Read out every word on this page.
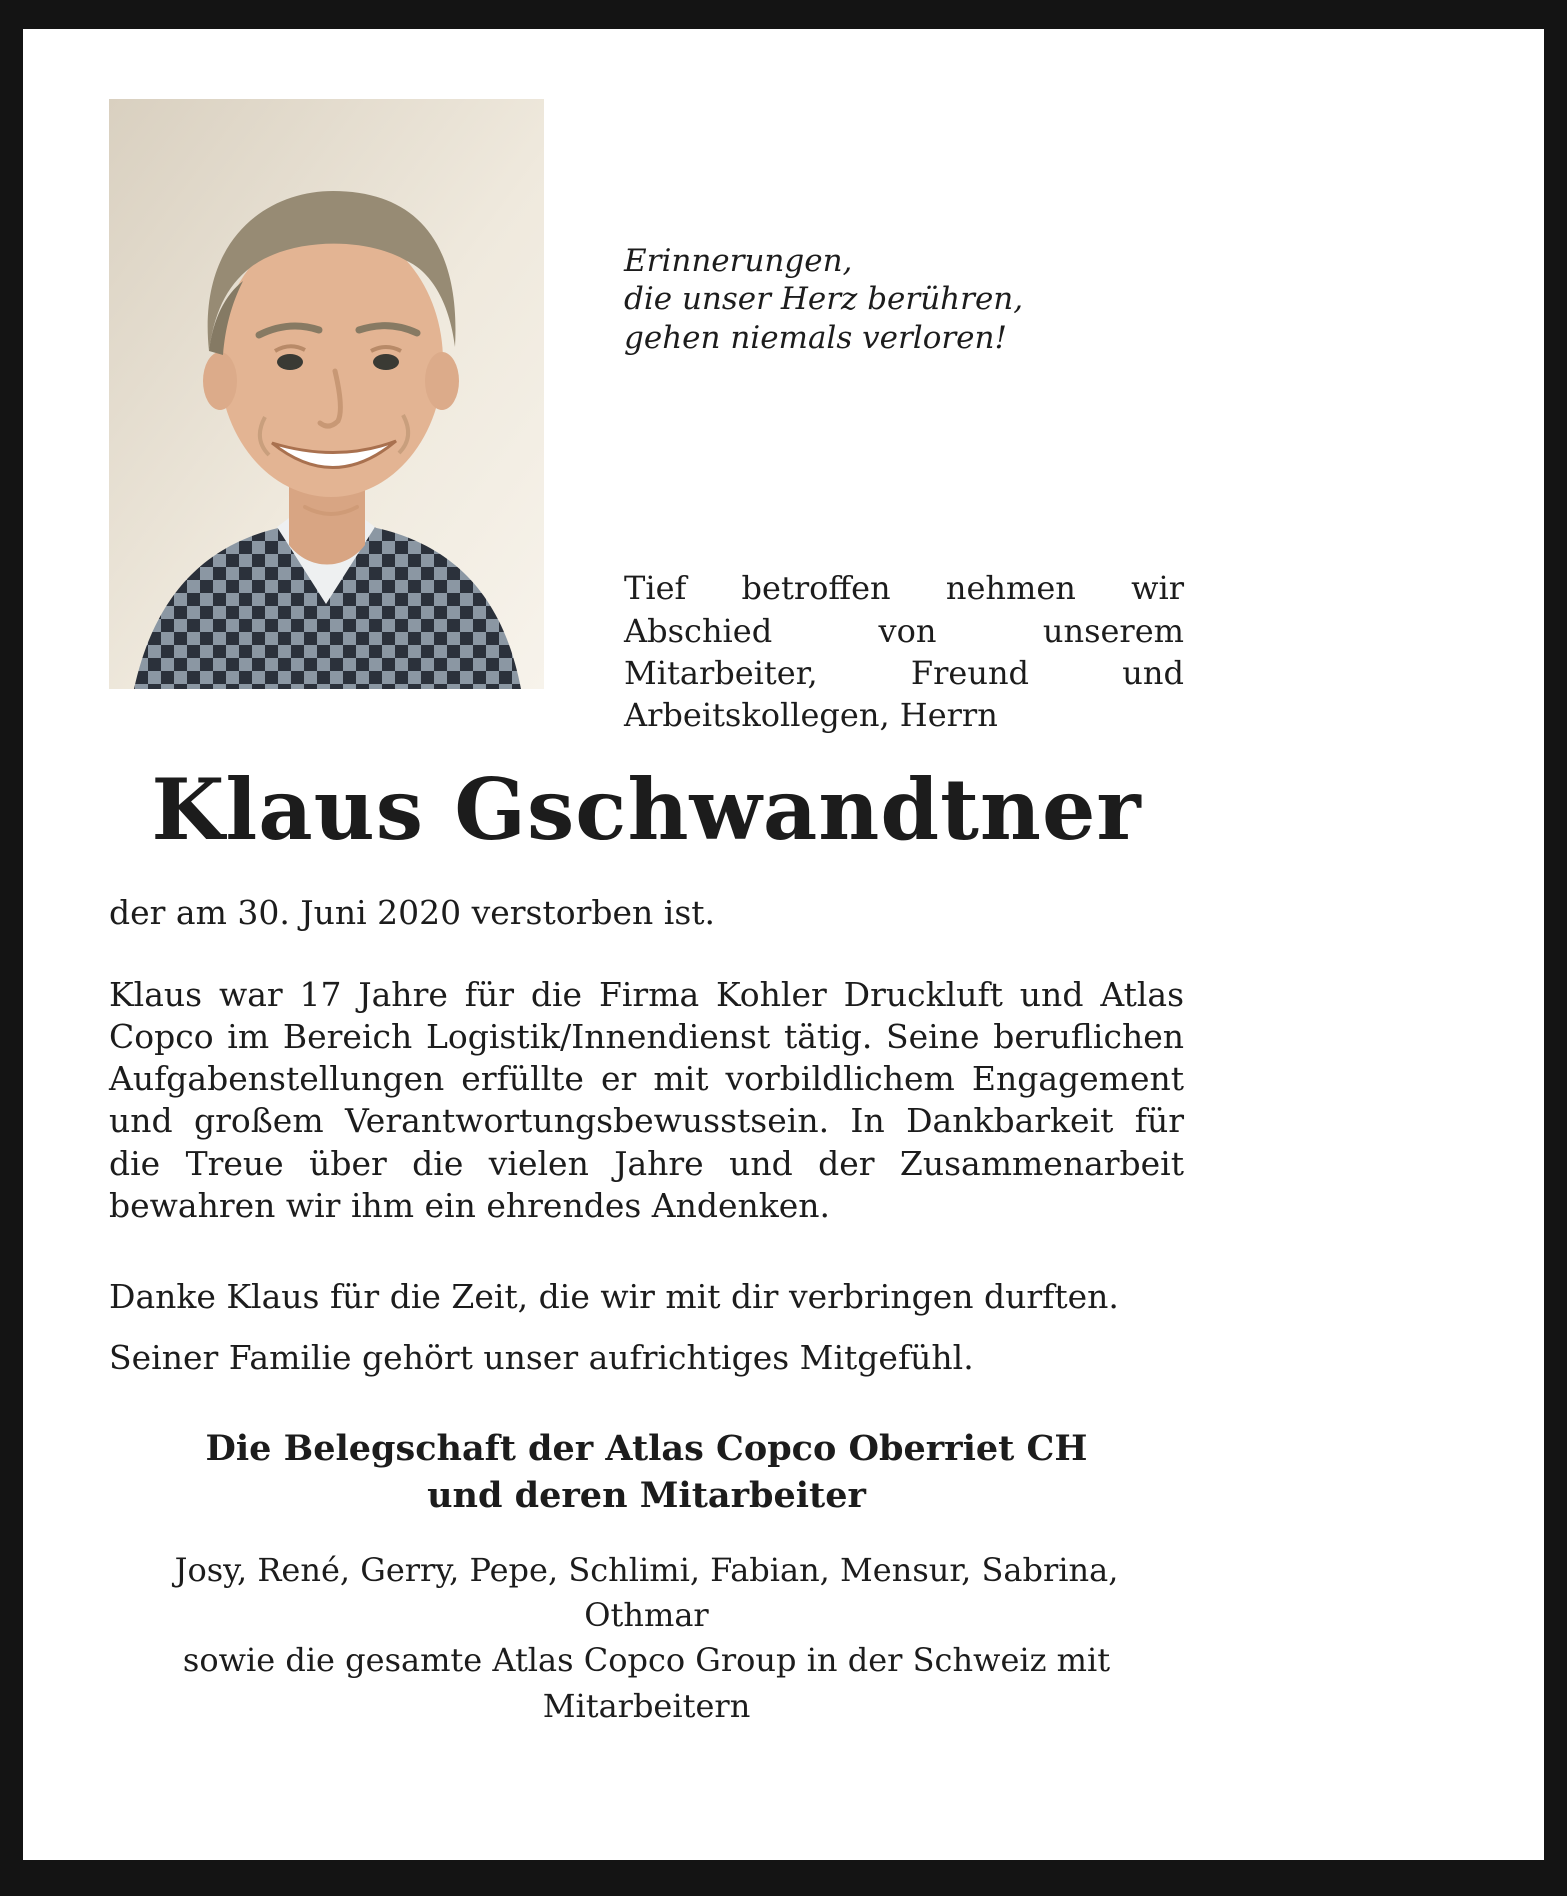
Erinnerungen,
die unser Herz berühren,
gehen niemals verloren!

Tief betroffen nehmen wir Abschied von unserem Mitarbeiter, Freund und Arbeitskollegen, Herrn

Klaus Gschwandtner

der am 30. Juni 2020 verstorben ist.

Klaus war 17 Jahre für die Firma Kohler Druckluft und Atlas Copco im Bereich Logistik/Innendienst tätig. Seine beruflichen Aufgabenstellungen erfüllte er mit vorbildlichem Engagement und großem Verantwortungsbewusstsein. In Dankbarkeit für die Treue über die vielen Jahre und der Zusammenarbeit bewahren wir ihm ein ehrendes Andenken.

Danke Klaus für die Zeit, die wir mit dir verbringen durften.

Seiner Familie gehört unser aufrichtiges Mitgefühl.

Die Belegschaft der Atlas Copco Oberriet CH
und deren Mitarbeiter
Josy, René, Gerry, Pepe, Schlimi, Fabian, Mensur, Sabrina, Othmar
sowie die gesamte Atlas Copco Group in der Schweiz mit Mitarbeitern
